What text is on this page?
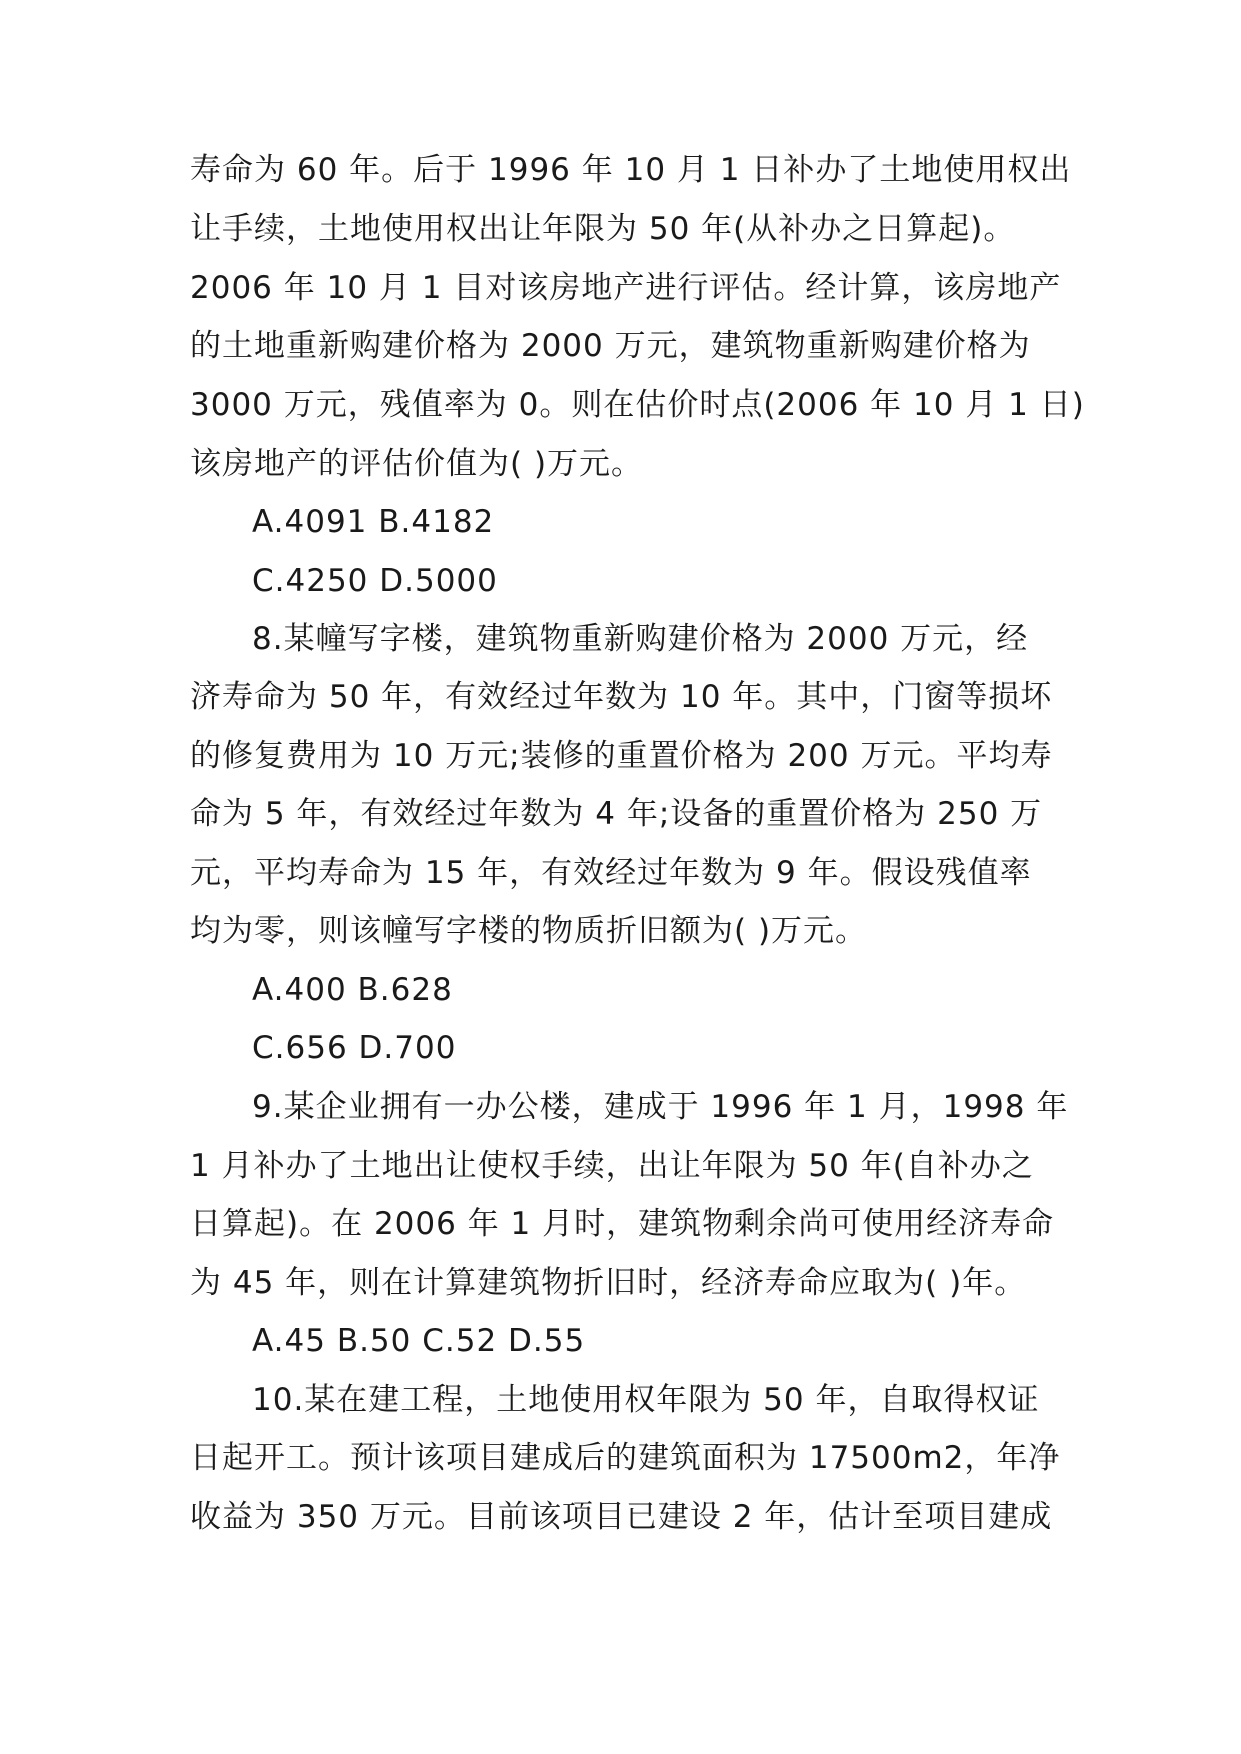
寿命为 60 年。后于 1996 年 10 月 1 日补办了土地使用权出
让手续，土地使用权出让年限为 50 年(从补办之日算起)。
2006 年 10 月 1 目对该房地产进行评估。经计算，该房地产
的土地重新购建价格为 2000 万元，建筑物重新购建价格为
3000 万元，残值率为 0。则在估价时点(2006 年 10 月 1 日)
该房地产的评估价值为( )万元。
A.4091 B.4182
C.4250 D.5000
8.某幢写字楼，建筑物重新购建价格为 2000 万元，经
济寿命为 50 年，有效经过年数为 10 年。其中，门窗等损坏
的修复费用为 10 万元;装修的重置价格为 200 万元。平均寿
命为 5 年，有效经过年数为 4 年;设备的重置价格为 250 万
元，平均寿命为 15 年，有效经过年数为 9 年。假设残值率
均为零，则该幢写字楼的物质折旧额为( )万元。
A.400 B.628
C.656 D.700
9.某企业拥有一办公楼，建成于 1996 年 1 月，1998 年
1 月补办了土地出让使权手续，出让年限为 50 年(自补办之
日算起)。在 2006 年 1 月时，建筑物剩余尚可使用经济寿命
为 45 年，则在计算建筑物折旧时，经济寿命应取为( )年。
A.45 B.50 C.52 D.55
10.某在建工程，土地使用权年限为 50 年，自取得权证
日起开工。预计该项目建成后的建筑面积为 17500m2，年净
收益为 350 万元。目前该项目已建设 2 年，估计至项目建成
